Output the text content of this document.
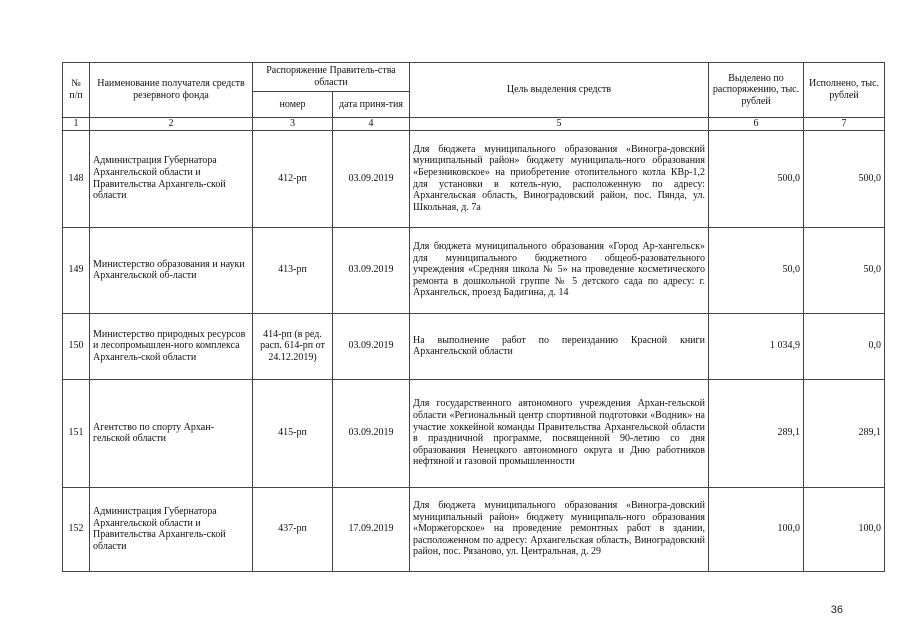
№ п/п	Наименование получателя средств резервного фонда	Распоряжение Правитель-ства области		Цель выделения средств	Выделено по распоряжению, тыс. рублей	Исполнено, тыс. рублей
		номер	дата приня-тия			
1	2	3	4	5	6	7
148	Администрация Губернатора Архангельской области и Правительства Архангель-ской области	412-рп	03.09.2019	Для бюджета муниципального образования «Виногра-довский муниципальный район» бюджету муниципаль-ного образования «Березниковское» на приобретение отопительного котла КВр-1,2 для установки в котель-ную, расположенную по адресу: Архангельская область, Виноградовский район, пос. Пянда, ул. Школьная, д. 7а	500,0	500,0
149	Министерство образования и науки Архангельской об-ласти	413-рп	03.09.2019	Для бюджета муниципального образования «Город Ар-хангельск» для муниципального бюджетного общеоб-разовательного учреждения «Средняя школа № 5» на проведение косметического ремонта в дошкольной группе № 5 детского сада по адресу: г. Архангельск, проезд Бадигина, д. 14	50,0	50,0
150	Министерство природных ресурсов и лесопромышлен-ного комплекса Архангель-ской области	414-рп (в ред. расп. 614-рп от 24.12.2019)	03.09.2019	На выполнение работ по переизданию Красной книги Архангельской области	1 034,9	0,0
151	Агентство по спорту Архан-гельской области	415-рп	03.09.2019	Для государственного автономного учреждения Архан-гельской области «Региональный центр спортивной подготовки «Водник» на участие хоккейной команды Правительства Архангельской области в праздничной программе, посвященной 90-летию со дня образования Ненецкого автономного округа и Дню работников нефтяной и газовой промышленности	289,1	289,1
152	Администрация Губернатора Архангельской области и Правительства Архангель-ской области	437-рп	17.09.2019	Для бюджета муниципального образования «Виногра-довский муниципальный район» бюджету муниципаль-ного образования «Моржегорское» на проведение ремонтных работ в здании, расположенном по адресу: Архангельская область, Виноградовский район, пос. Рязаново, ул. Центральная, д. 29	100,0	100,0
36
